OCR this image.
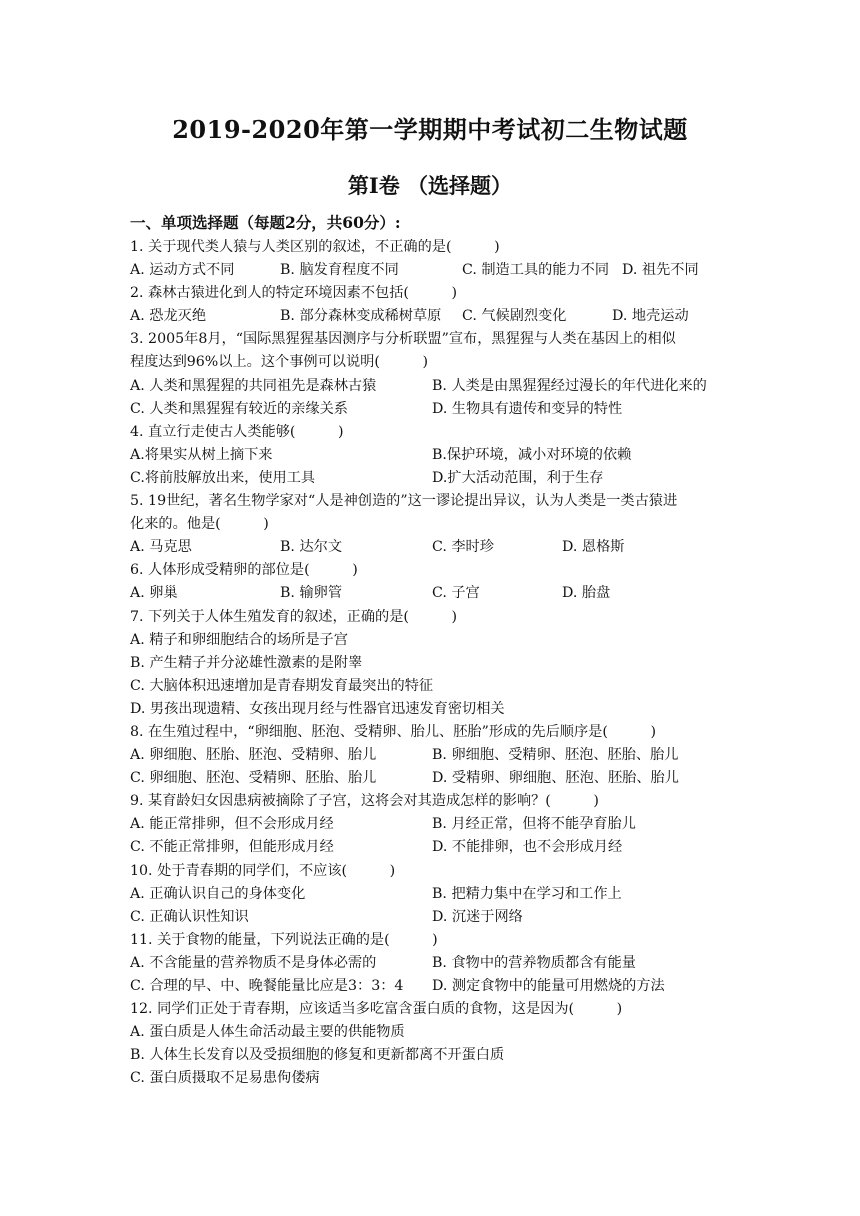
2019-2020年第一学期期中考试初二生物试题
第Ⅰ卷 （选择题）
一、单项选择题（每题2分，共60分）:
1. 关于现代类人猿与人类区别的叙述，不正确的是(　　　)
A. 运动方式不同	B. 脑发育程度不同	C. 制造工具的能力不同 D. 祖先不同
2. 森林古猿进化到人的特定环境因素不包括(　　　)
A. 恐龙灭绝	B. 部分森林变成稀树草原 C. 气候剧烈变化	D. 地壳运动
3. 2005年8月，“国际黑猩猩基因测序与分析联盟”宣布，黑猩猩与人类在基因上的相似
程度达到96%以上。这个事例可以说明(　　　)
A. 人类和黑猩猩的共同祖先是森林古猿	B. 人类是由黑猩猩经过漫长的年代进化来的
C. 人类和黑猩猩有较近的亲缘关系	D. 生物具有遗传和变异的特性
4. 直立行走使古人类能够(　　　)
A.将果实从树上摘下来	B.保护环境，减小对环境的依赖
C.将前肢解放出来，使用工具	D.扩大活动范围，利于生存
5. 19世纪，著名生物学家对“人是神创造的”这一谬论提出异议，认为人类是一类古猿进
化来的。他是(　　　)
A. 马克思	B. 达尔文	C. 李时珍	D. 恩格斯
6. 人体形成受精卵的部位是(　　　)
A. 卵巢	B. 输卵管	C. 子宫	D. 胎盘
7. 下列关于人体生殖发育的叙述，正确的是(　　　)
A. 精子和卵细胞结合的场所是子宫
B. 产生精子并分泌雄性激素的是附睾
C. 大脑体积迅速增加是青春期发育最突出的特征
D. 男孩出现遗精、女孩出现月经与性器官迅速发育密切相关
8. 在生殖过程中，“卵细胞、胚泡、受精卵、胎儿、胚胎”形成的先后顺序是(　　　)
A. 卵细胞、胚胎、胚泡、受精卵、胎儿	B. 卵细胞、受精卵、胚泡、胚胎、胎儿
C. 卵细胞、胚泡、受精卵、胚胎、胎儿	D. 受精卵、卵细胞、胚泡、胚胎、胎儿
9. 某育龄妇女因患病被摘除了子宫，这将会对其造成怎样的影响？(　　　)
A. 能正常排卵，但不会形成月经	B. 月经正常，但将不能孕育胎儿
C. 不能正常排卵，但能形成月经	D. 不能排卵，也不会形成月经
10. 处于青春期的同学们，不应该(　　　)
A. 正确认识自己的身体变化	B. 把精力集中在学习和工作上
C. 正确认识性知识	D. 沉迷于网络
11. 关于食物的能量，下列说法正确的是(　　　)
A. 不含能量的营养物质不是身体必需的	B. 食物中的营养物质都含有能量
C. 合理的早、中、晚餐能量比应是3：3：4 D. 测定食物中的能量可用燃烧的方法
12. 同学们正处于青春期，应该适当多吃富含蛋白质的食物，这是因为(　　　)
A. 蛋白质是人体生命活动最主要的供能物质
B. 人体生长发育以及受损细胞的修复和更新都离不开蛋白质
C. 蛋白质摄取不足易患佝偻病
